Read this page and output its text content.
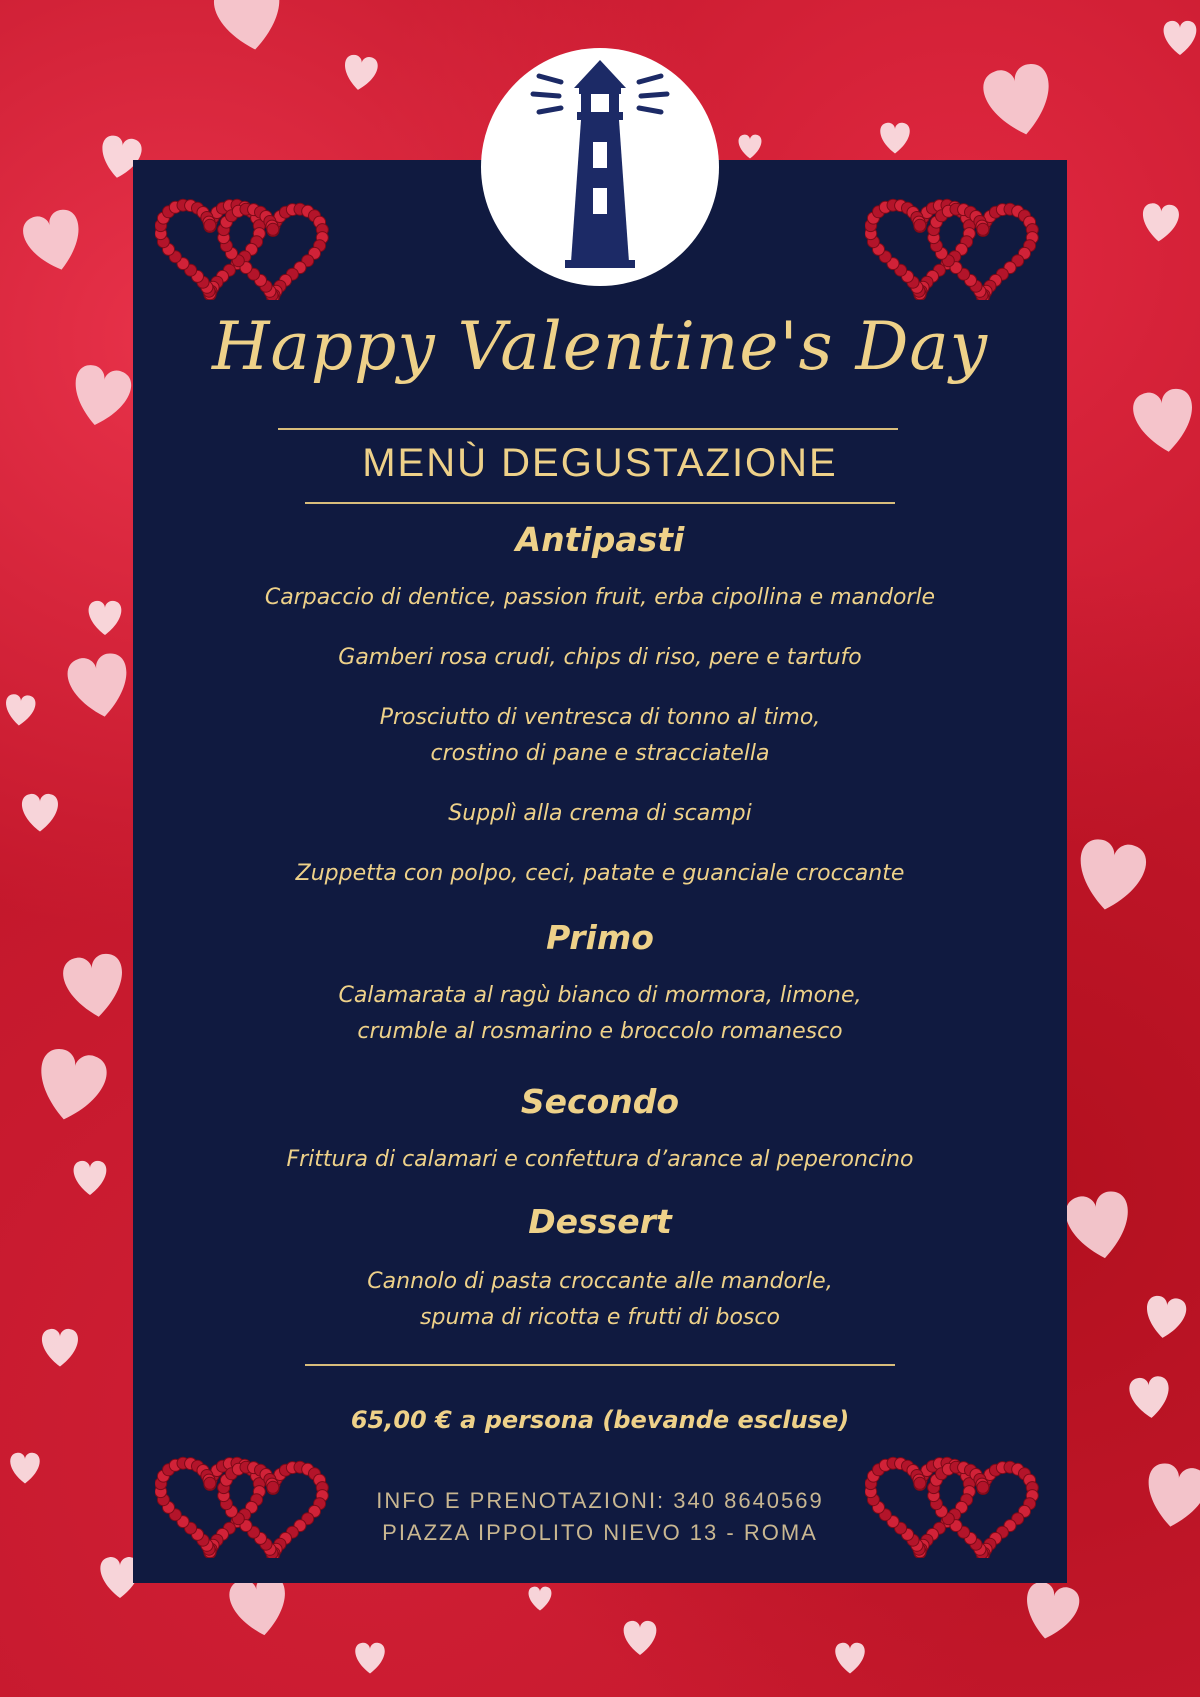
Happy Valentine's Day
MENÙ DEGUSTAZIONE
Antipasti
Carpaccio di dentice, passion fruit, erba cipollina e mandorle
Gamberi rosa crudi, chips di riso, pere e tartufo
Prosciutto di ventresca di tonno al timo,
crostino di pane e stracciatella
Supplì alla crema di scampi
Zuppetta con polpo, ceci, patate e guanciale croccante
Primo
Calamarata al ragù bianco di mormora, limone,
crumble al rosmarino e broccolo romanesco
Secondo
Frittura di calamari e confettura d’arance al peperoncino
Dessert
Cannolo di pasta croccante alle mandorle,
spuma di ricotta e frutti di bosco
65,00 € a persona (bevande escluse)
INFO E PRENOTAZIONI: 340 8640569
PIAZZA IPPOLITO NIEVO 13 - ROMA
